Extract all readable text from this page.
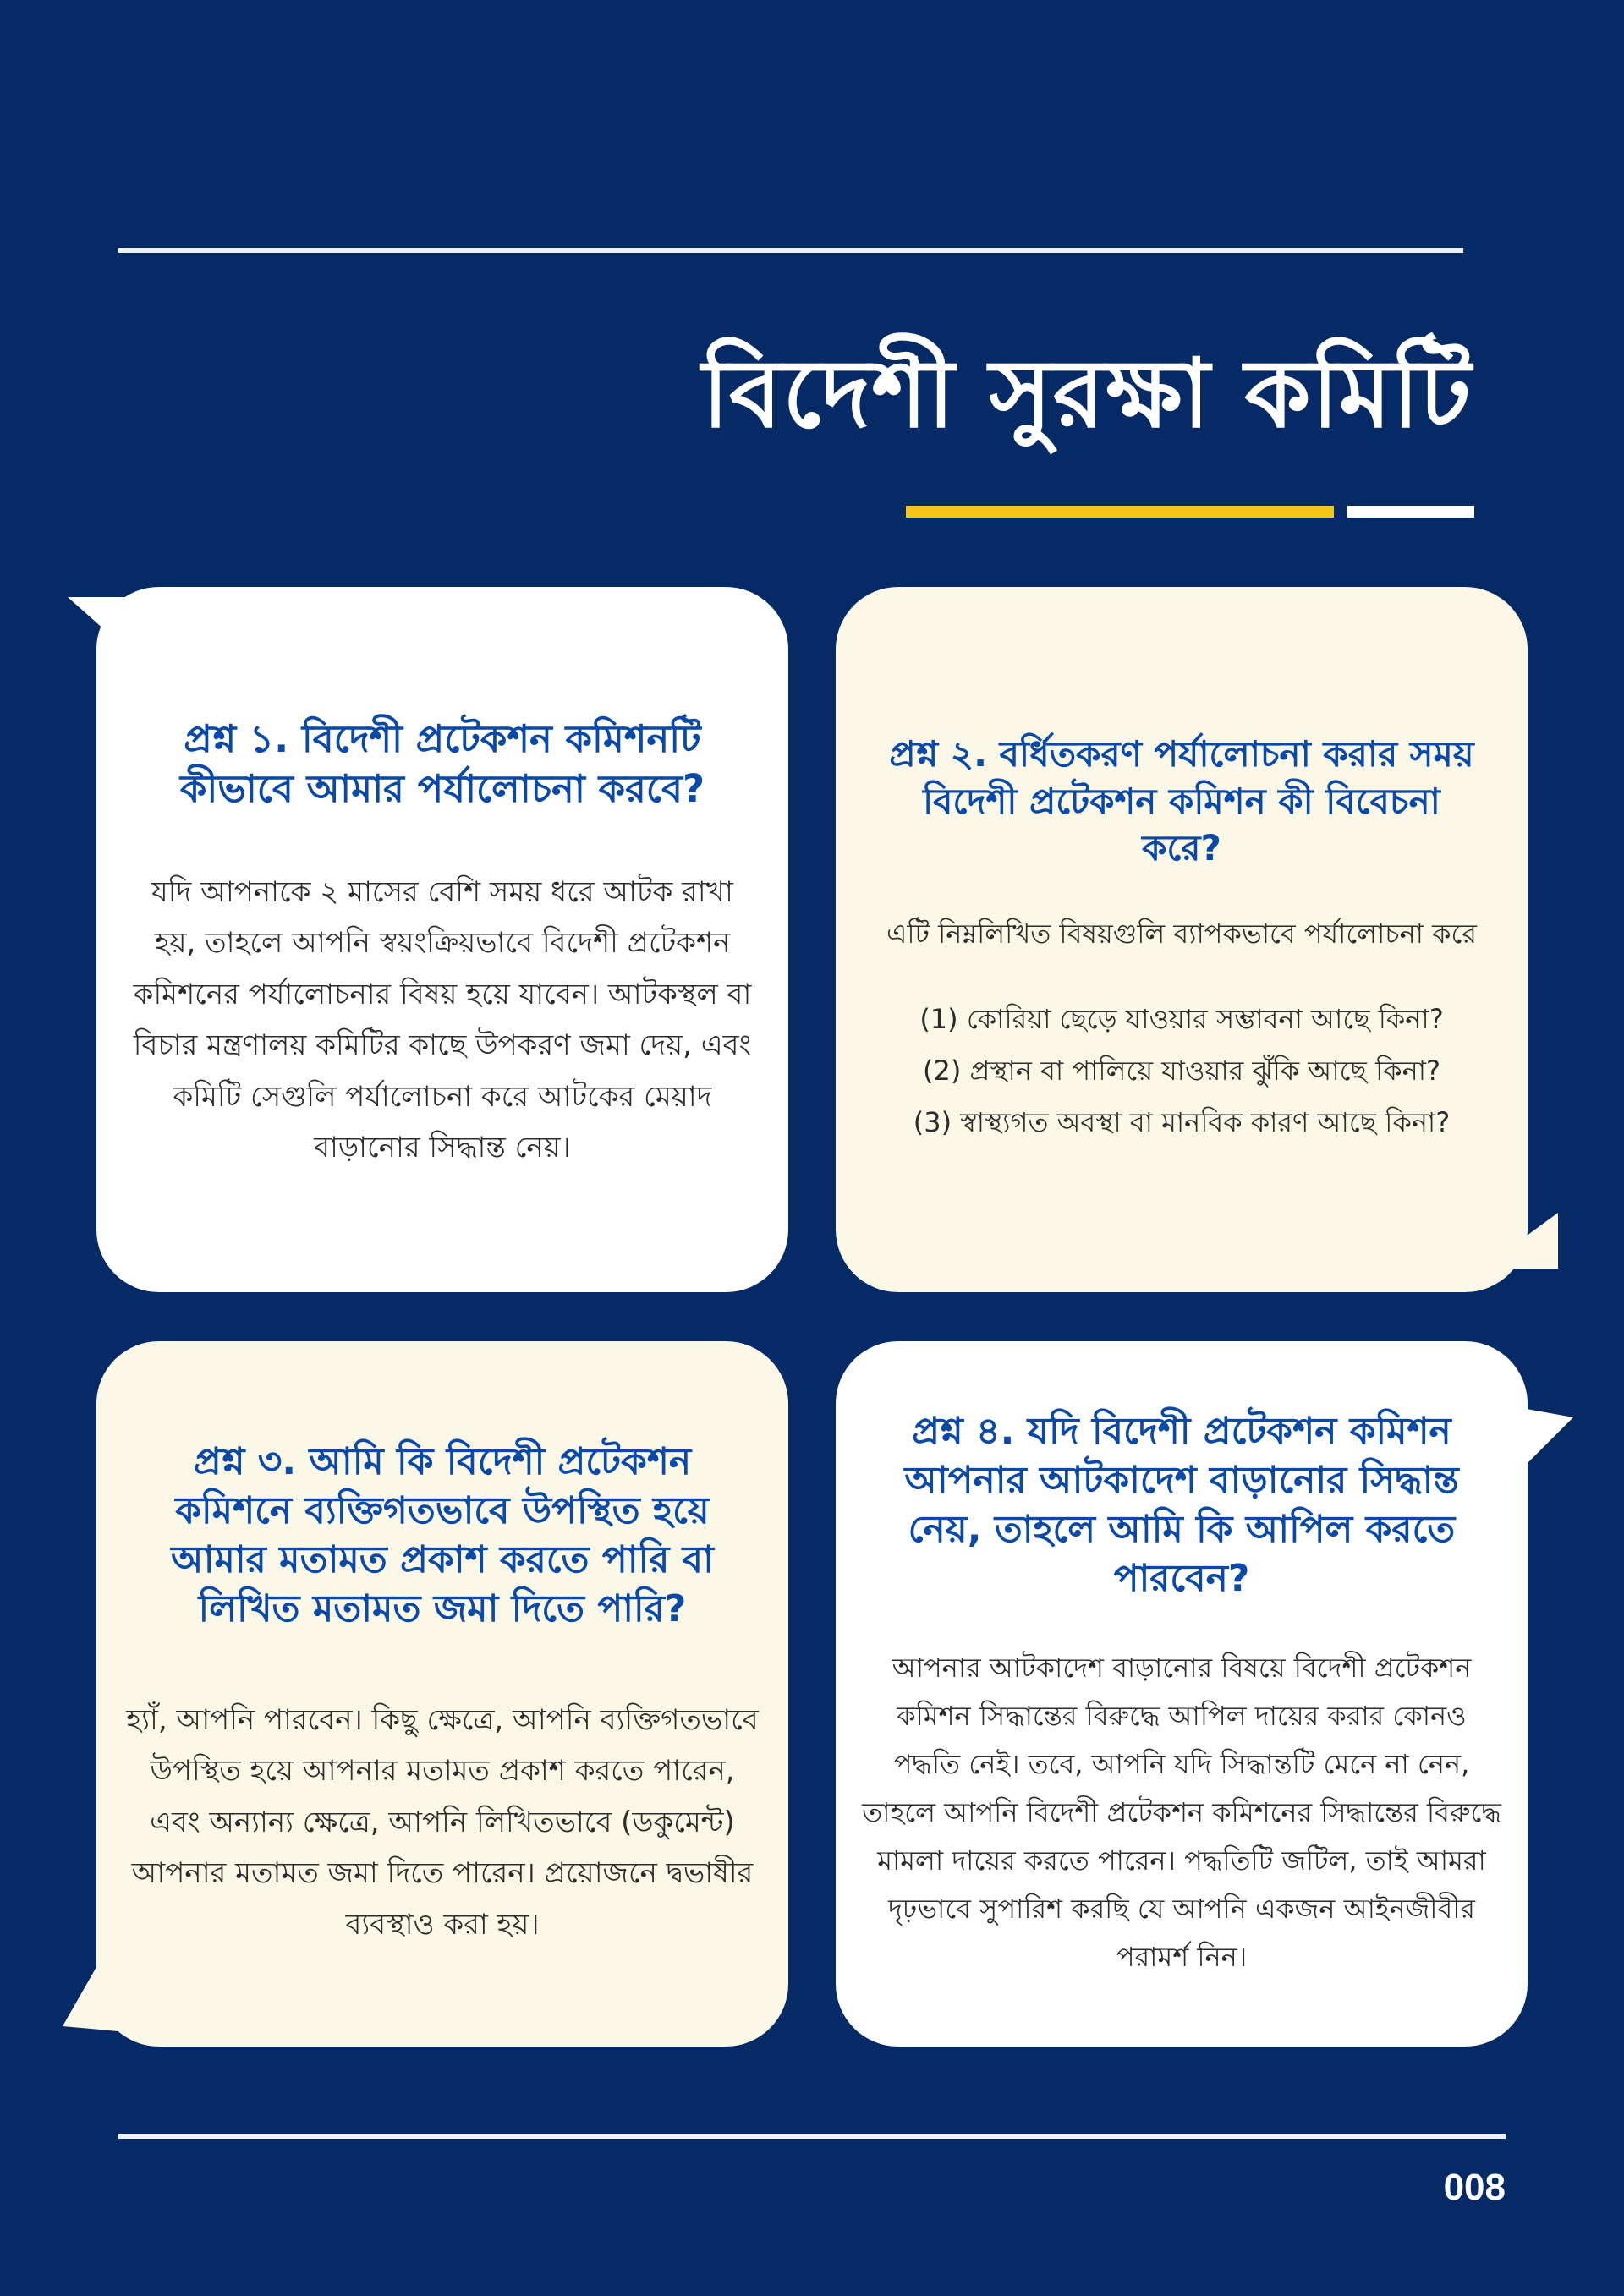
বিদেশী সুরক্ষা কমিটি

প্রশ্ন ১. বিদেশী প্রটেকশন কমিশনটি কীভাবে আমার পর্যালোচনা করবে?

যদি আপনাকে ২ মাসের বেশি সময় ধরে আটক রাখা হয়, তাহলে আপনি স্বয়ংক্রিয়ভাবে বিদেশী প্রটেকশন কমিশনের পর্যালোচনার বিষয় হয়ে যাবেন। আটকস্থল বা বিচার মন্ত্রণালয় কমিটির কাছে উপকরণ জমা দেয়, এবং কমিটি সেগুলি পর্যালোচনা করে আটকের মেয়াদ বাড়ানোর সিদ্ধান্ত নেয়।

প্রশ্ন ২. বর্ধিতকরণ পর্যালোচনা করার সময় বিদেশী প্রটেকশন কমিশন কী বিবেচনা করে?

এটি নিম্নলিখিত বিষয়গুলি ব্যাপকভাবে পর্যালোচনা করে

(1) কোরিয়া ছেড়ে যাওয়ার সম্ভাবনা আছে কিনা?

(2) প্রস্থান বা পালিয়ে যাওয়ার ঝুঁকি আছে কিনা?

(3) স্বাস্থ্যগত অবস্থা বা মানবিক কারণ আছে কিনা?

প্রশ্ন ৩. আমি কি বিদেশী প্রটেকশন কমিশনে ব্যক্তিগতভাবে উপস্থিত হয়ে আমার মতামত প্রকাশ করতে পারি বা লিখিত মতামত জমা দিতে পারি?

হ্যাঁ, আপনি পারবেন। কিছু ক্ষেত্রে, আপনি ব্যক্তিগতভাবে উপস্থিত হয়ে আপনার মতামত প্রকাশ করতে পারেন, এবং অন্যান্য ক্ষেত্রে, আপনি লিখিতভাবে (ডকুমেন্ট) আপনার মতামত জমা দিতে পারেন। প্রয়োজনে দ্বভাষীর ব্যবস্থাও করা হয়।

প্রশ্ন ৪. যদি বিদেশী প্রটেকশন কমিশন আপনার আটকাদেশ বাড়ানোর সিদ্ধান্ত নেয়, তাহলে আমি কি আপিল করতে পারবেন?

আপনার আটকাদেশ বাড়ানোর বিষয়ে বিদেশী প্রটেকশন কমিশন সিদ্ধান্তের বিরুদ্ধে আপিল দায়ের করার কোনও পদ্ধতি নেই। তবে, আপনি যদি সিদ্ধান্তটি মেনে না নেন, তাহলে আপনি বিদেশী প্রটেকশন কমিশনের সিদ্ধান্তের বিরুদ্ধে মামলা দায়ের করতে পারেন। পদ্ধতিটি জটিল, তাই আমরা দৃঢ়ভাবে সুপারিশ করছি যে আপনি একজন আইনজীবীর পরামর্শ নিন।

008
